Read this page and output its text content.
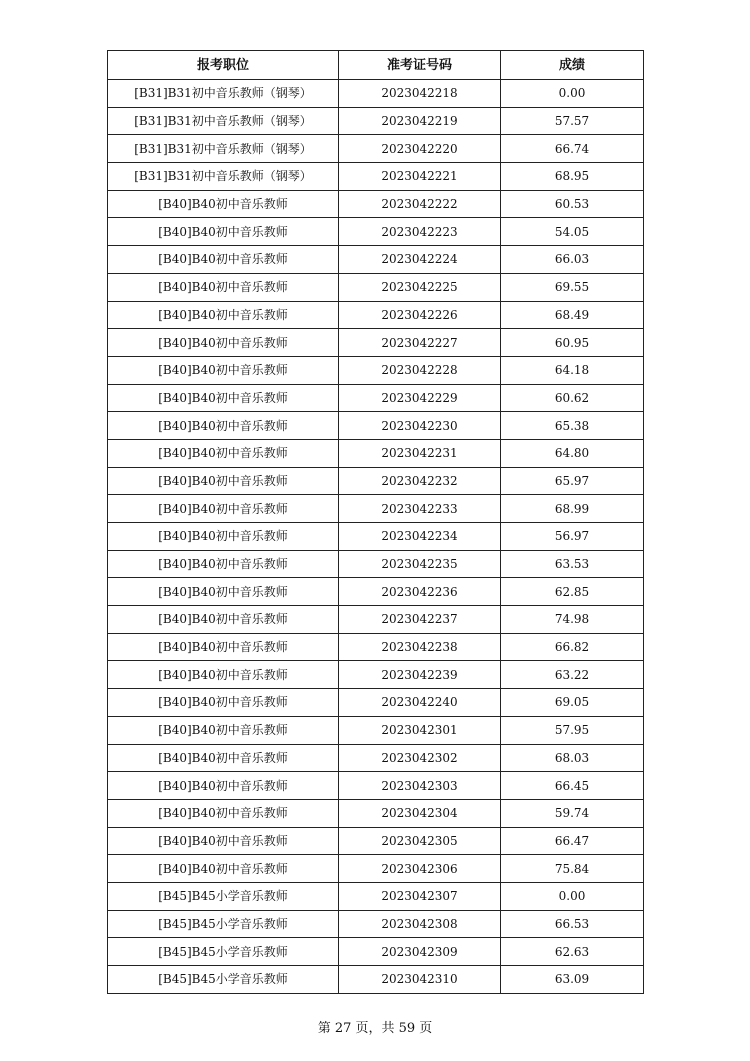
报考职位	准考证号码	成绩
[B31]B31初中音乐教师（钢琴）	2023042218	0.00
[B31]B31初中音乐教师（钢琴）	2023042219	57.57
[B31]B31初中音乐教师（钢琴）	2023042220	66.74
[B31]B31初中音乐教师（钢琴）	2023042221	68.95
[B40]B40初中音乐教师	2023042222	60.53
[B40]B40初中音乐教师	2023042223	54.05
[B40]B40初中音乐教师	2023042224	66.03
[B40]B40初中音乐教师	2023042225	69.55
[B40]B40初中音乐教师	2023042226	68.49
[B40]B40初中音乐教师	2023042227	60.95
[B40]B40初中音乐教师	2023042228	64.18
[B40]B40初中音乐教师	2023042229	60.62
[B40]B40初中音乐教师	2023042230	65.38
[B40]B40初中音乐教师	2023042231	64.80
[B40]B40初中音乐教师	2023042232	65.97
[B40]B40初中音乐教师	2023042233	68.99
[B40]B40初中音乐教师	2023042234	56.97
[B40]B40初中音乐教师	2023042235	63.53
[B40]B40初中音乐教师	2023042236	62.85
[B40]B40初中音乐教师	2023042237	74.98
[B40]B40初中音乐教师	2023042238	66.82
[B40]B40初中音乐教师	2023042239	63.22
[B40]B40初中音乐教师	2023042240	69.05
[B40]B40初中音乐教师	2023042301	57.95
[B40]B40初中音乐教师	2023042302	68.03
[B40]B40初中音乐教师	2023042303	66.45
[B40]B40初中音乐教师	2023042304	59.74
[B40]B40初中音乐教师	2023042305	66.47
[B40]B40初中音乐教师	2023042306	75.84
[B45]B45小学音乐教师	2023042307	0.00
[B45]B45小学音乐教师	2023042308	66.53
[B45]B45小学音乐教师	2023042309	62.63
[B45]B45小学音乐教师	2023042310	63.09
第 27 页，共 59 页
